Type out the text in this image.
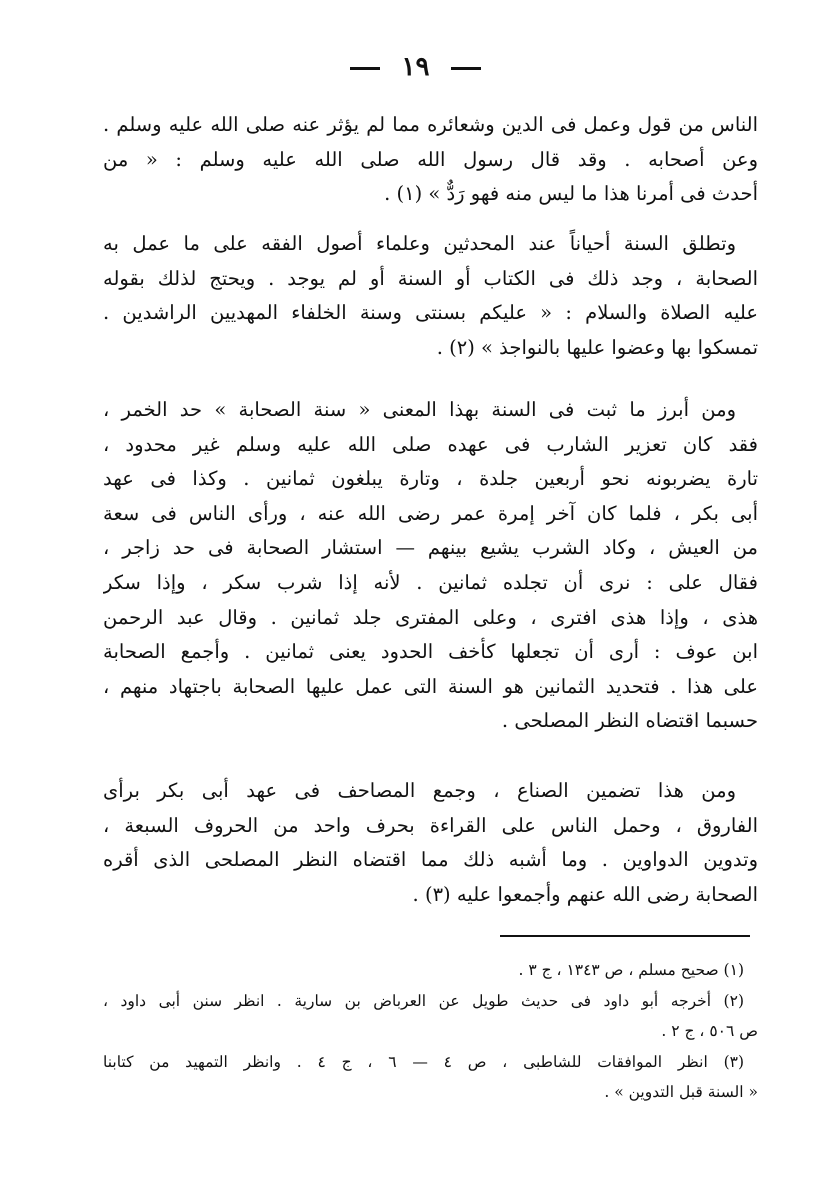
١٩
الناس من قول وعمل فى الدين وشعائره مما لم يؤثر عنه صلى الله عليه وسلم .
وعن أصحابه . وقد قال رسول الله صلى الله عليه وسلم : « من
أحدث فى أمرنا هذا ما ليس منه فهو رَدٌّ » (١) .
وتطلق السنة أحياناً عند المحدثين وعلماء أصول الفقه على ما عمل به
الصحابة ، وجد ذلك فى الكتاب أو السنة أو لم يوجد . ويحتج لذلك بقوله
عليه الصلاة والسلام : « عليكم بسنتى وسنة الخلفاء المهديين الراشدين .
تمسكوا بها وعضوا عليها بالنواجذ » (٢) .
ومن أبرز ما ثبت فى السنة بهذا المعنى « سنة الصحابة » حد الخمر ،
فقد كان تعزير الشارب فى عهده صلى الله عليه وسلم غير محدود ،
تارة يضربونه نحو أربعين جلدة ، وتارة يبلغون ثمانين . وكذا فى عهد
أبى بكر ، فلما كان آخر إمرة عمر رضى الله عنه ، ورأى الناس فى سعة
من العيش ، وكاد الشرب يشيع بينهم — استشار الصحابة فى حد زاجر ،
فقال على : نرى أن تجلده ثمانين . لأنه إذا شرب سكر ، وإذا سكر
هذى ، وإذا هذى افترى ، وعلى المفترى جلد ثمانين . وقال عبد الرحمن
ابن عوف : أرى أن تجعلها كأخف الحدود يعنى ثمانين . وأجمع الصحابة
على هذا . فتحديد الثمانين هو السنة التى عمل عليها الصحابة باجتهاد منهم ،
حسبما اقتضاه النظر المصلحى .
ومن هذا تضمين الصناع ، وجمع المصاحف فى عهد أبى بكر برأى
الفاروق ، وحمل الناس على القراءة بحرف واحد من الحروف السبعة ،
وتدوين الدواوين . وما أشبه ذلك مما اقتضاه النظر المصلحى الذى أقره
الصحابة رضى الله عنهم وأجمعوا عليه (٣) .
(١) صحيح مسلم ، ص ١٣٤٣ ، ج ٣ .
(٢) أخرجه أبو داود فى حديث طويل عن العرباض بن سارية . انظر سنن أبى داود ،
ص ٥٠٦ ، ج ٢ .
(٣) انظر الموافقات للشاطبى ، ص ٤ — ٦ ، ج ٤ . وانظر التمهيد من كتابنا
« السنة قبل التدوين » .
